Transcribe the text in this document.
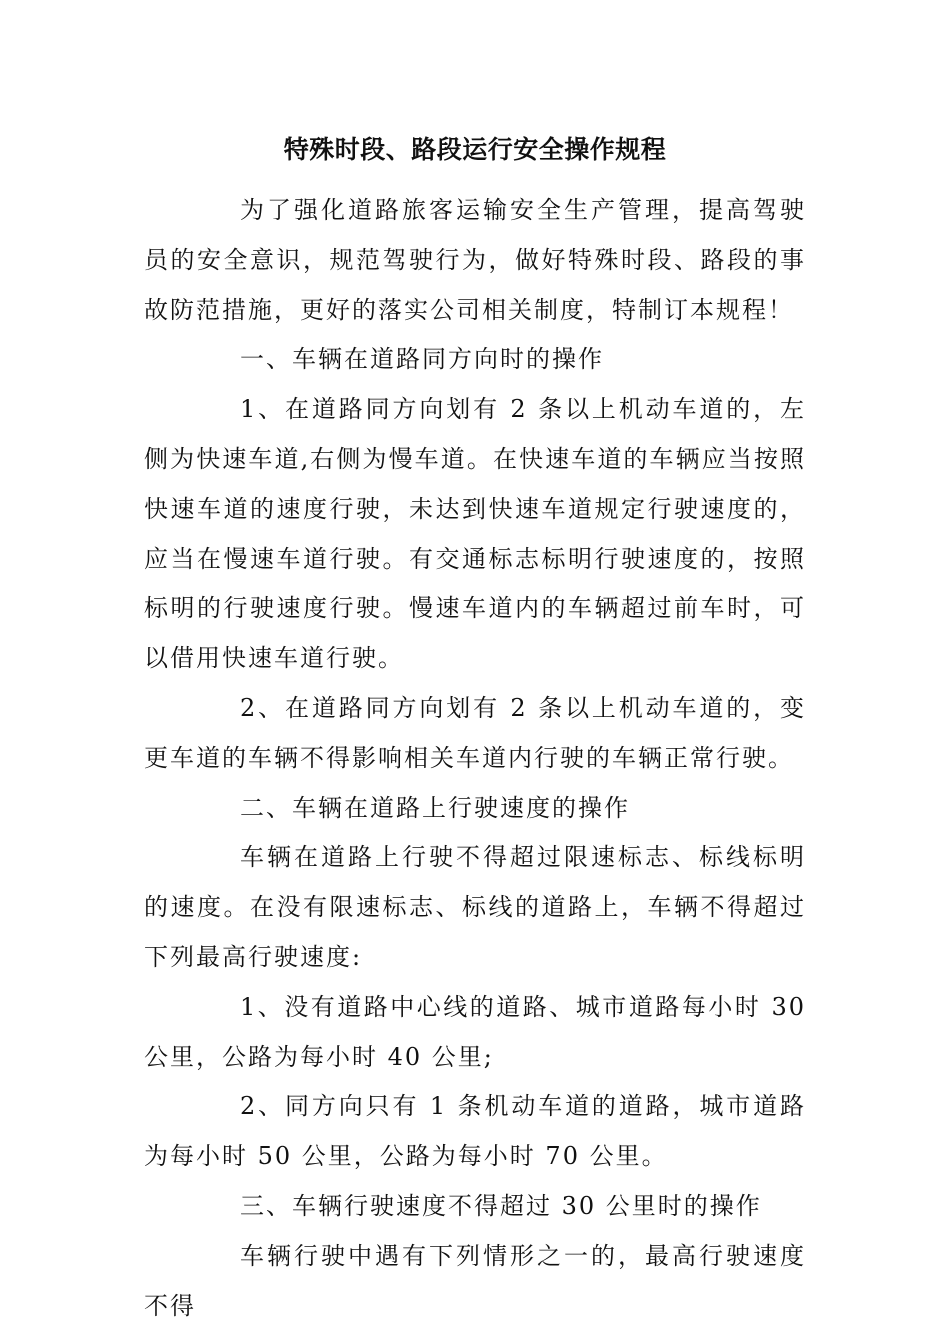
特殊时段、路段运行安全操作规程

为了强化道路旅客运输安全生产管理，提高驾驶员的安全意识，规范驾驶行为，做好特殊时段、路段的事故防范措施，更好的落实公司相关制度，特制订本规程！

一、车辆在道路同方向时的操作

1、在道路同方向划有 2 条以上机动车道的，左侧为快速车道,右侧为慢车道。在快速车道的车辆应当按照快速车道的速度行驶，未达到快速车道规定行驶速度的，应当在慢速车道行驶。有交通标志标明行驶速度的，按照标明的行驶速度行驶。慢速车道内的车辆超过前车时，可以借用快速车道行驶。

2、在道路同方向划有 2 条以上机动车道的，变更车道的车辆不得影响相关车道内行驶的车辆正常行驶。

二、车辆在道路上行驶速度的操作

车辆在道路上行驶不得超过限速标志、标线标明的速度。在没有限速标志、标线的道路上，车辆不得超过下列最高行驶速度:

1、没有道路中心线的道路、城市道路每小时 30 公里，公路为每小时 40 公里;

2、同方向只有 1 条机动车道的道路，城市道路为每小时 50 公里，公路为每小时 70 公里。

三、车辆行驶速度不得超过 30 公里时的操作

车辆行驶中遇有下列情形之一的，最高行驶速度不得
